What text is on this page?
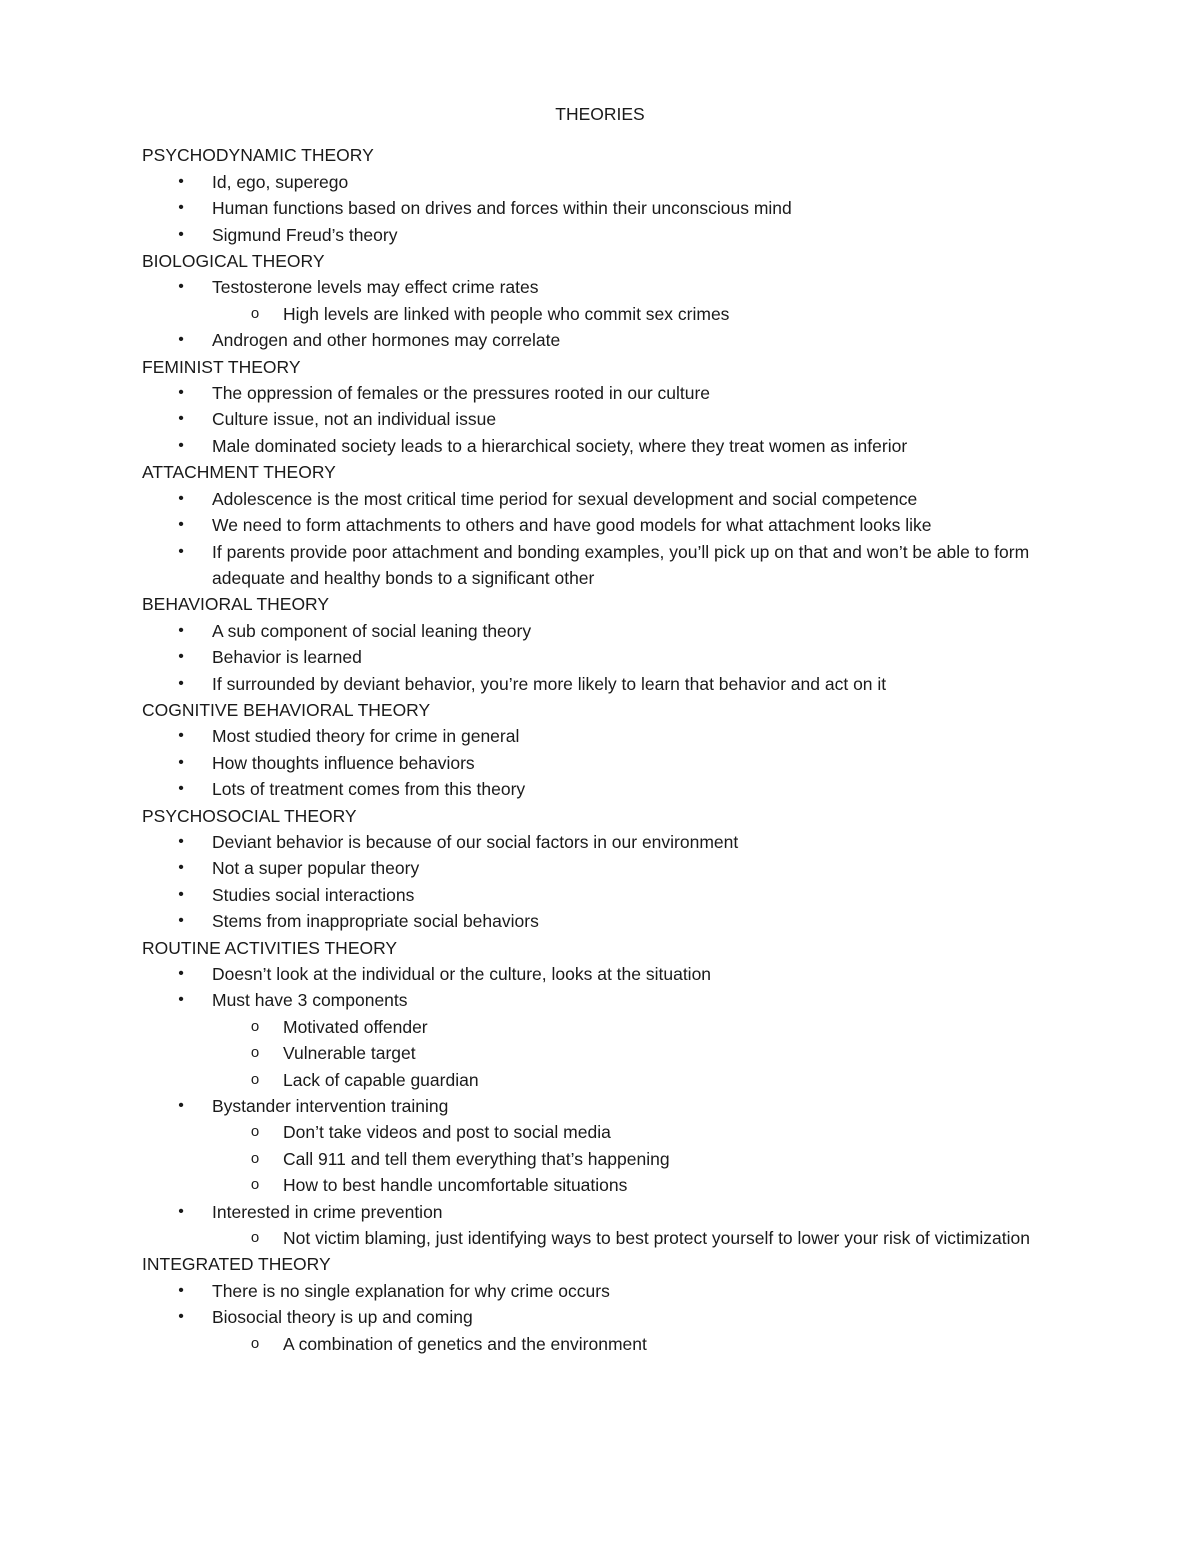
THEORIES
PSYCHODYNAMIC THEORY
• Id, ego, superego
• Human functions based on drives and forces within their unconscious mind
• Sigmund Freud’s theory
BIOLOGICAL THEORY
• Testosterone levels may effect crime rates
o High levels are linked with people who commit sex crimes
• Androgen and other hormones may correlate
FEMINIST THEORY
• The oppression of females or the pressures rooted in our culture
• Culture issue, not an individual issue
• Male dominated society leads to a hierarchical society, where they treat women as inferior
ATTACHMENT THEORY
• Adolescence is the most critical time period for sexual development and social competence
• We need to form attachments to others and have good models for what attachment looks like
• If parents provide poor attachment and bonding examples, you’ll pick up on that and won’t be able to form adequate and healthy bonds to a significant other
BEHAVIORAL THEORY
• A sub component of social leaning theory
• Behavior is learned
• If surrounded by deviant behavior, you’re more likely to learn that behavior and act on it
COGNITIVE BEHAVIORAL THEORY
• Most studied theory for crime in general
• How thoughts influence behaviors
• Lots of treatment comes from this theory
PSYCHOSOCIAL THEORY
• Deviant behavior is because of our social factors in our environment
• Not a super popular theory
• Studies social interactions
• Stems from inappropriate social behaviors
ROUTINE ACTIVITIES THEORY
• Doesn’t look at the individual or the culture, looks at the situation
• Must have 3 components
o Motivated offender
o Vulnerable target
o Lack of capable guardian
• Bystander intervention training
o Don’t take videos and post to social media
o Call 911 and tell them everything that’s happening
o How to best handle uncomfortable situations
• Interested in crime prevention
o Not victim blaming, just identifying ways to best protect yourself to lower your risk of victimization
INTEGRATED THEORY
• There is no single explanation for why crime occurs
• Biosocial theory is up and coming
o A combination of genetics and the environment
